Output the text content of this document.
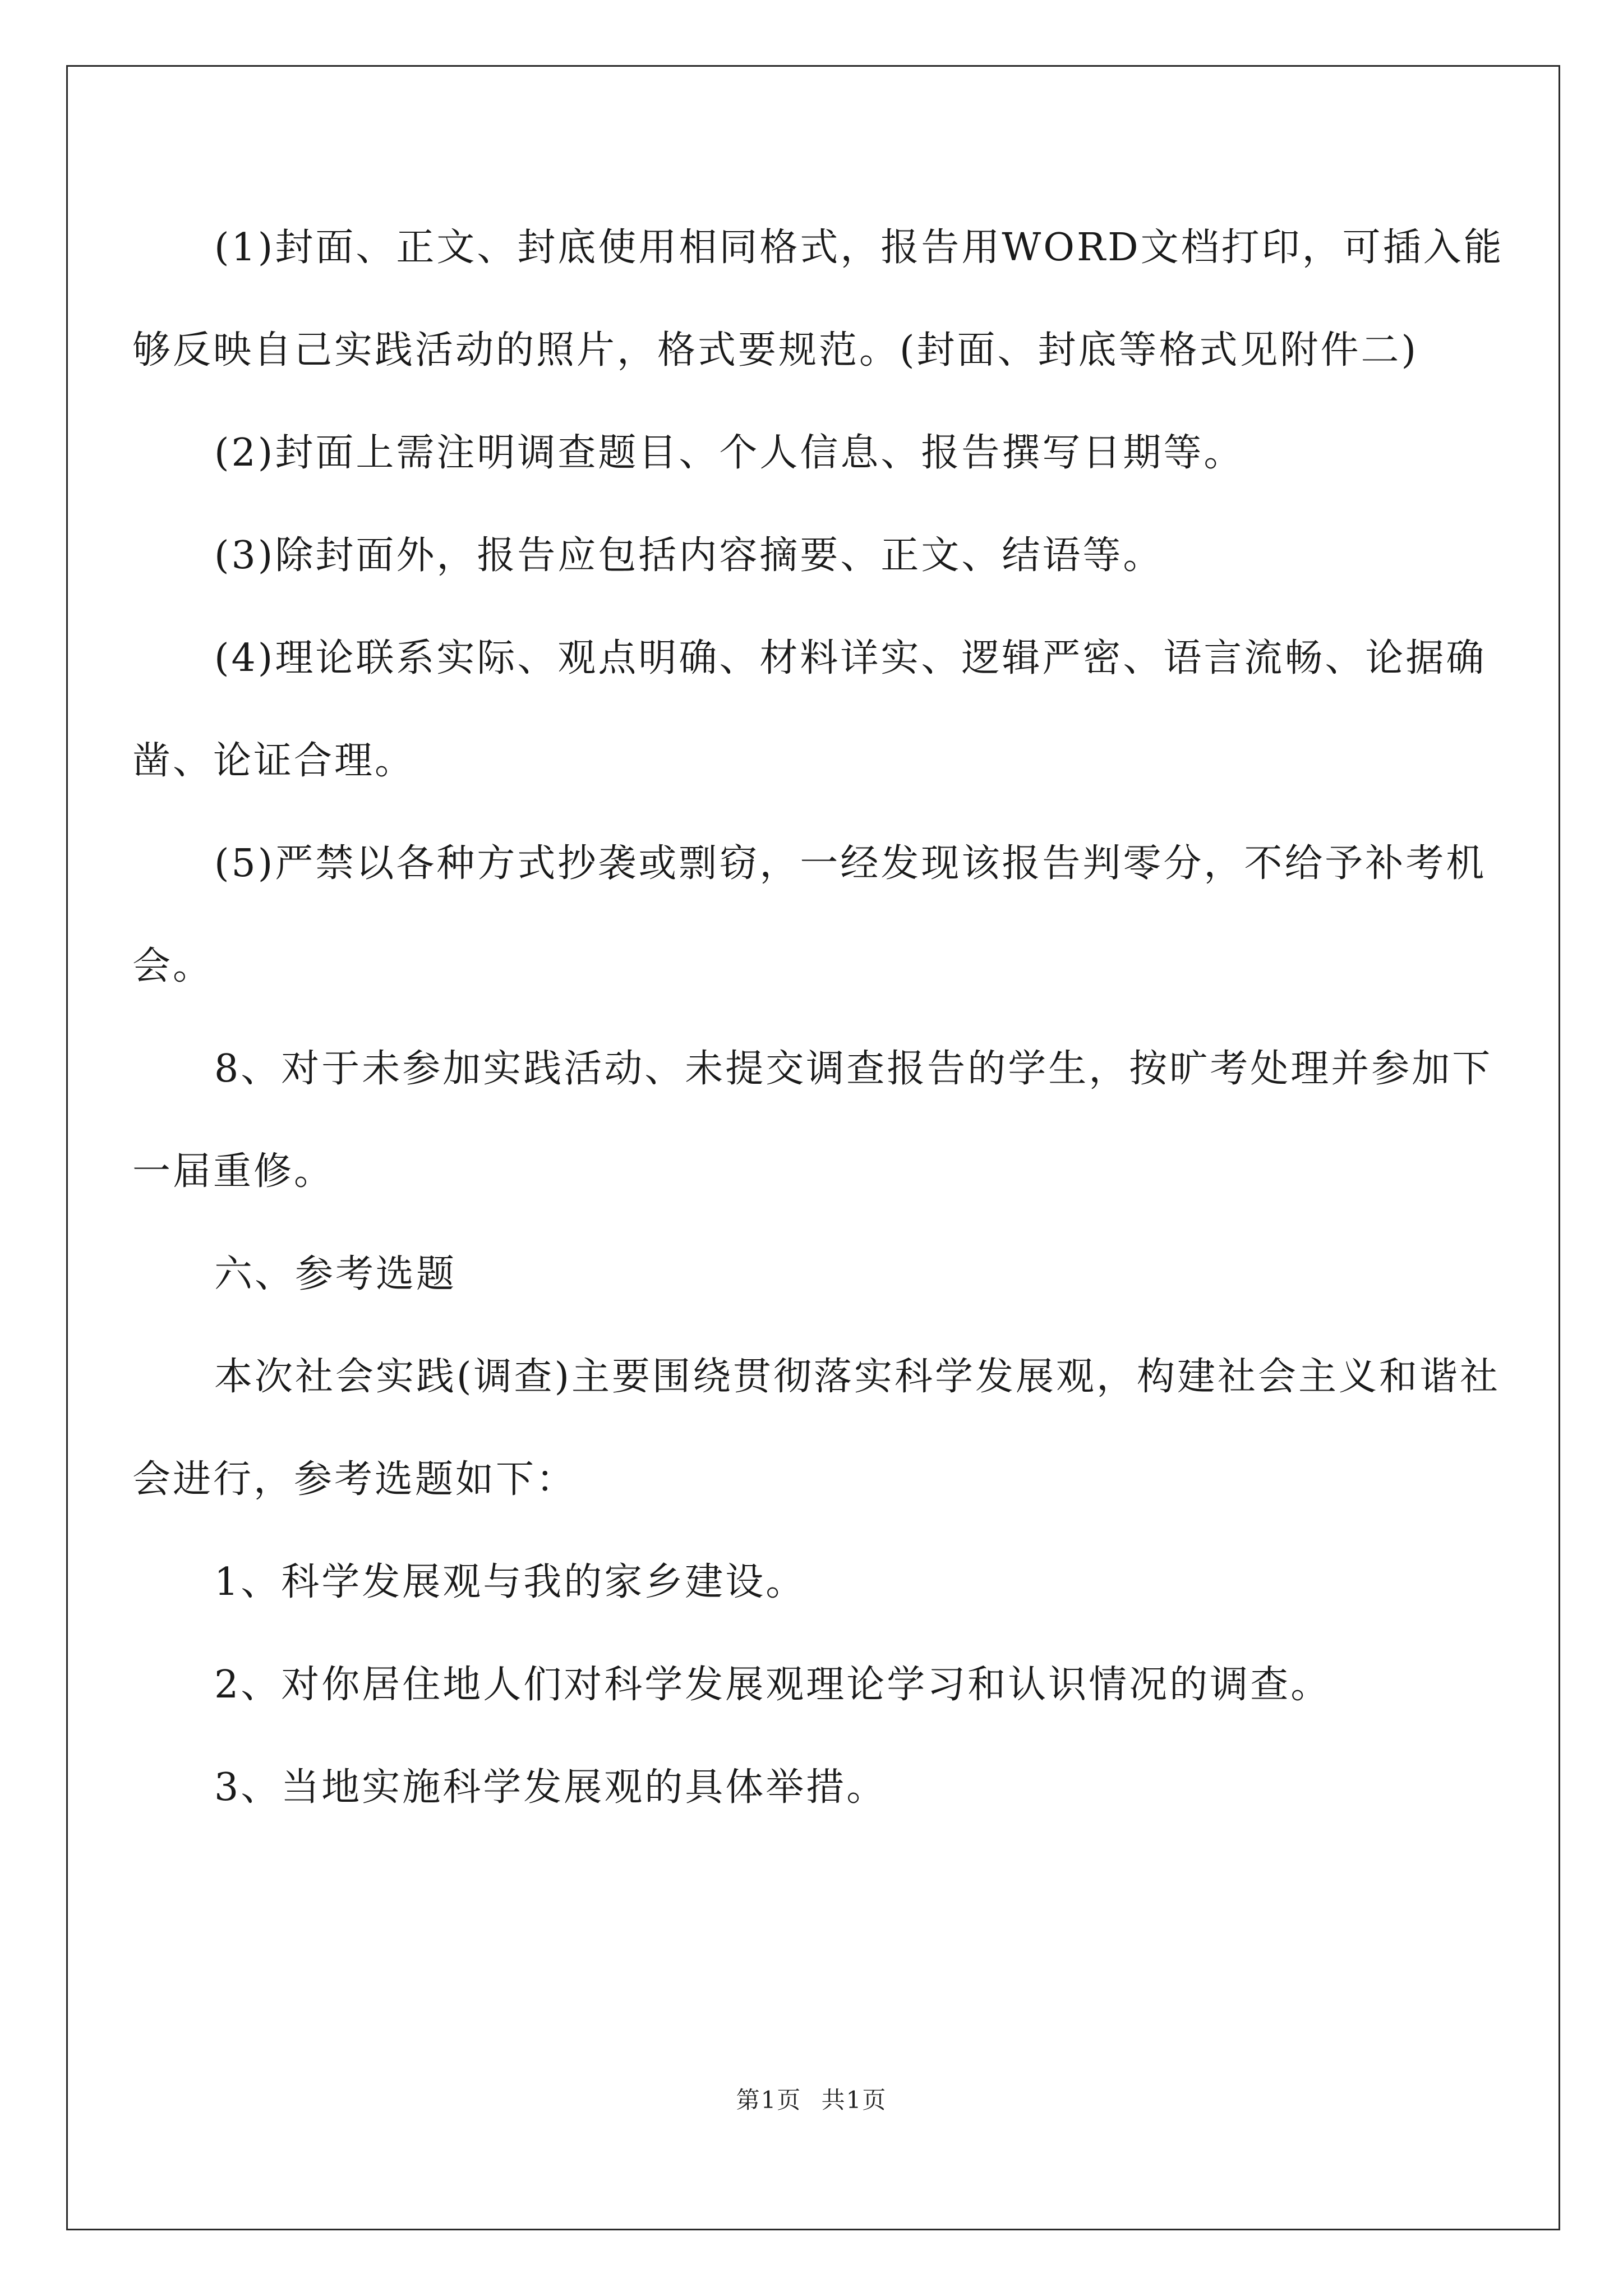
(1)封面、正文、封底使用相同格式，报告用WORD文档打印，可插入能够反映自己实践活动的照片，格式要规范。(封面、封底等格式见附件二)

(2)封面上需注明调查题目、个人信息、报告撰写日期等。

(3)除封面外，报告应包括内容摘要、正文、结语等。

(4)理论联系实际、观点明确、材料详实、逻辑严密、语言流畅、论据确凿、论证合理。

(5)严禁以各种方式抄袭或剽窃，一经发现该报告判零分，不给予补考机会。

8、对于未参加实践活动、未提交调查报告的学生，按旷考处理并参加下一届重修。

六、参考选题

本次社会实践(调查)主要围绕贯彻落实科学发展观，构建社会主义和谐社会进行，参考选题如下：

1、科学发展观与我的家乡建设。

2、对你居住地人们对科学发展观理论学习和认识情况的调查。

3、当地实施科学发展观的具体举措。

第1页 共1页
